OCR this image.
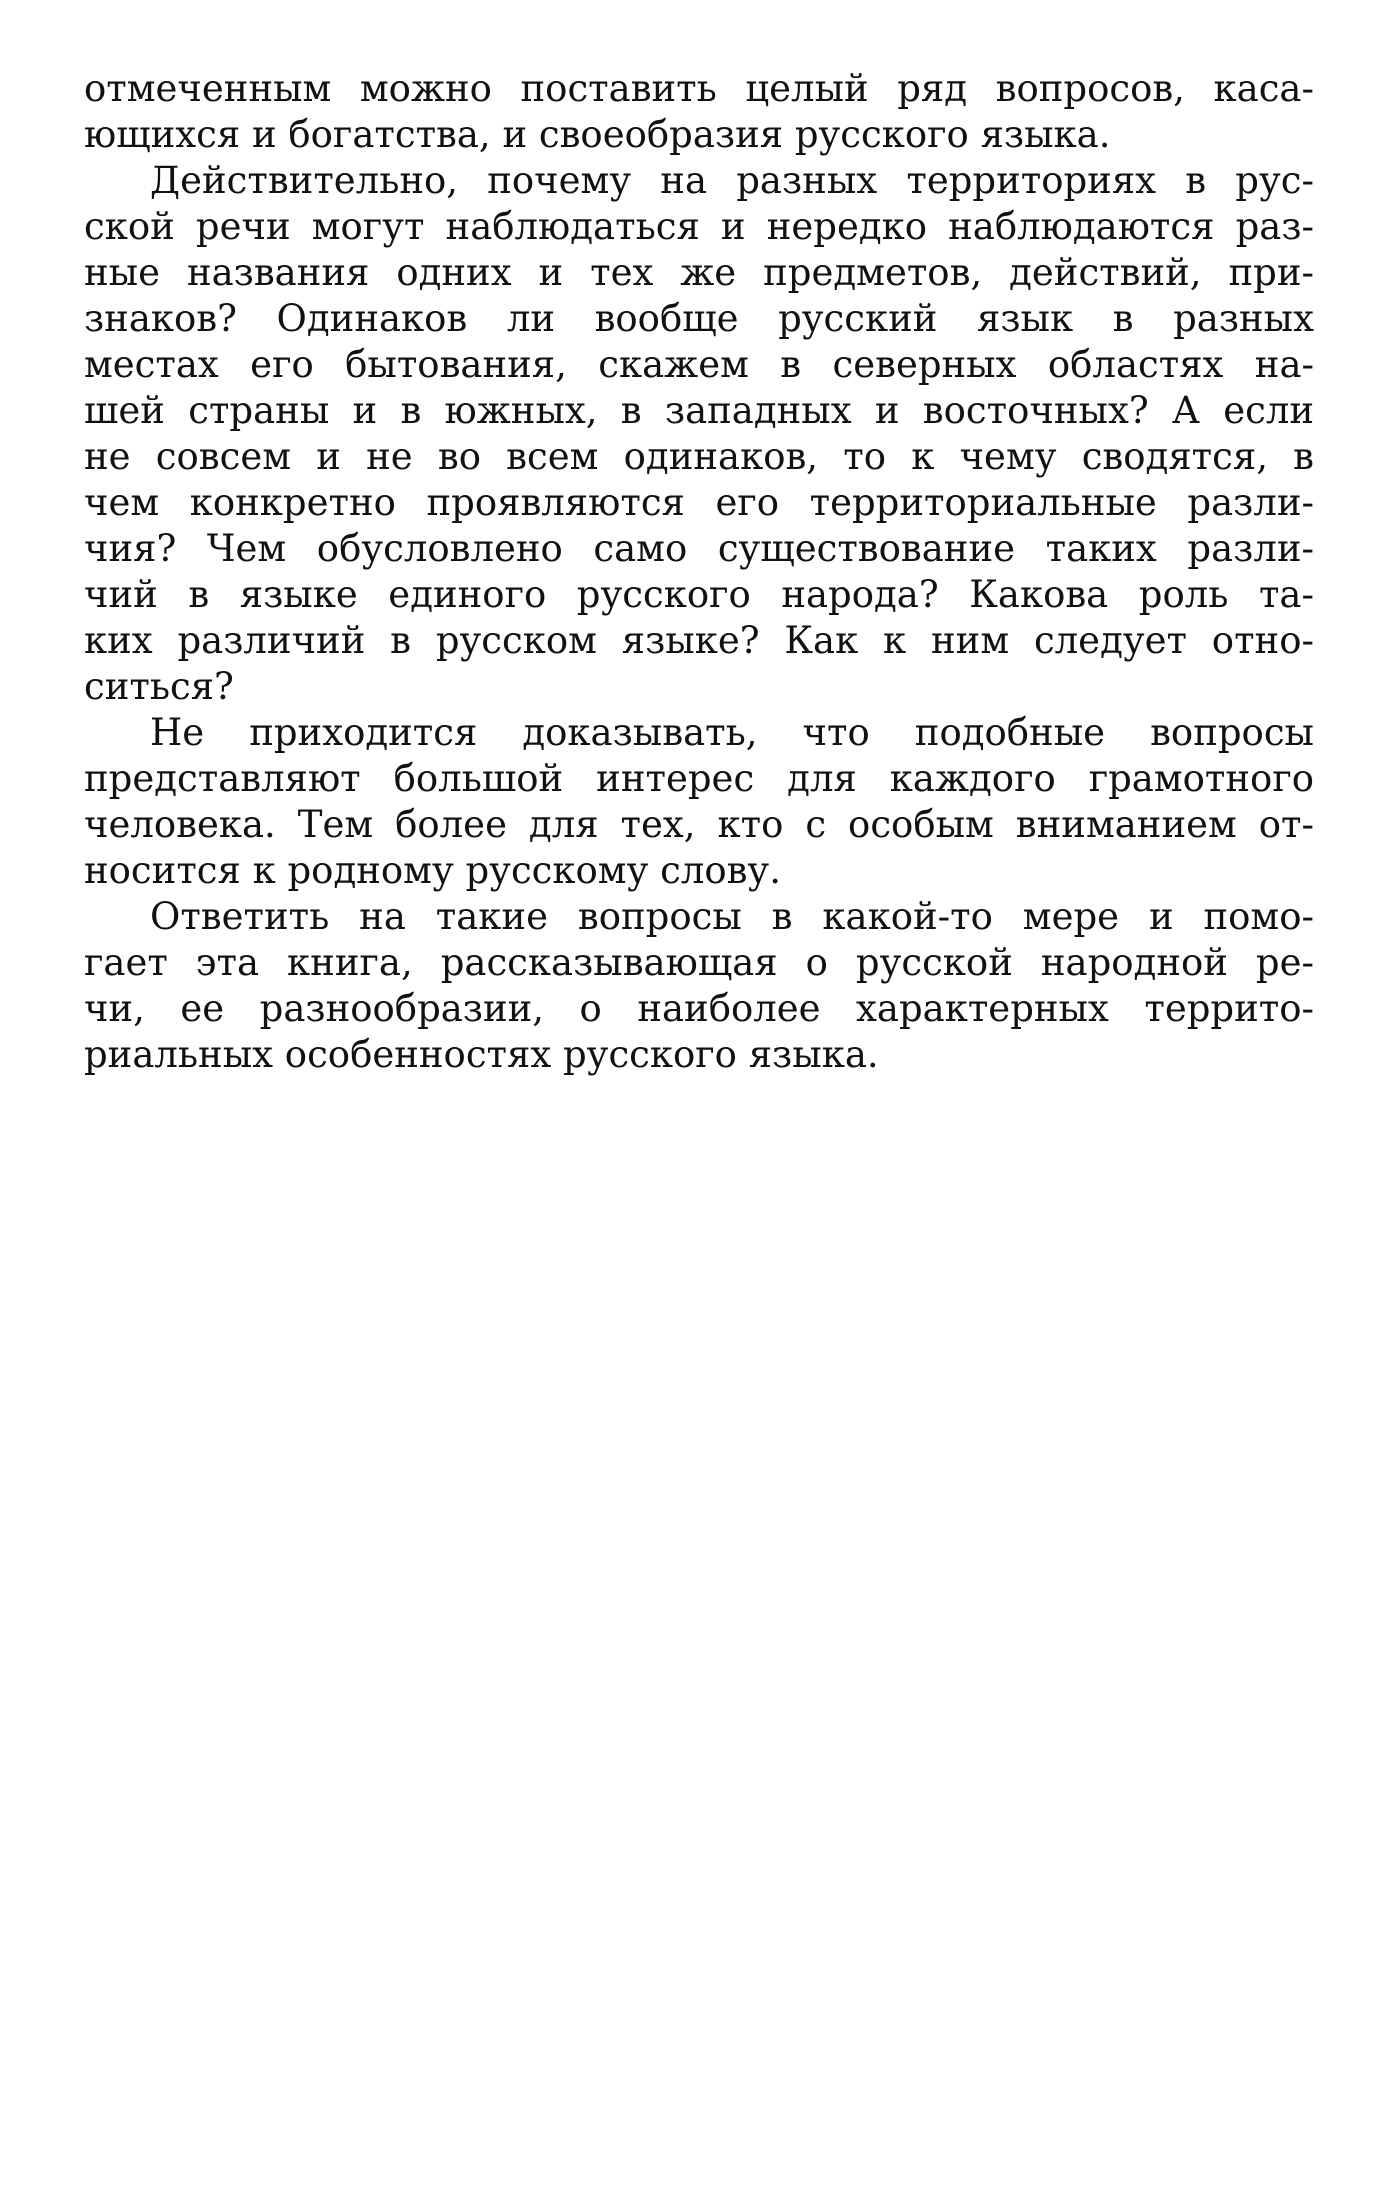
отмеченным можно поставить целый ряд вопросов, каса-
ющихся и богатства, и своеобразия русского языка.
Действительно, почему на разных территориях в рус-
ской речи могут наблюдаться и нередко наблюдаются раз-
ные названия одних и тех же предметов, действий, при-
знаков? Одинаков ли вообще русский язык в разных
местах его бытования, скажем в северных областях на-
шей страны и в южных, в западных и восточных? А если
не совсем и не во всем одинаков, то к чему сводятся, в
чем конкретно проявляются его территориальные разли-
чия? Чем обусловлено само существование таких разли-
чий в языке единого русского народа? Какова роль та-
ких различий в русском языке? Как к ним следует отно-
ситься?
Не приходится доказывать, что подобные вопросы
представляют большой интерес для каждого грамотного
человека. Тем более для тех, кто с особым вниманием от-
носится к родному русскому слову.
Ответить на такие вопросы в какой-то мере и помо-
гает эта книга, рассказывающая о русской народной ре-
чи, ее разнообразии, о наиболее характерных террито-
риальных особенностях русского языка.
